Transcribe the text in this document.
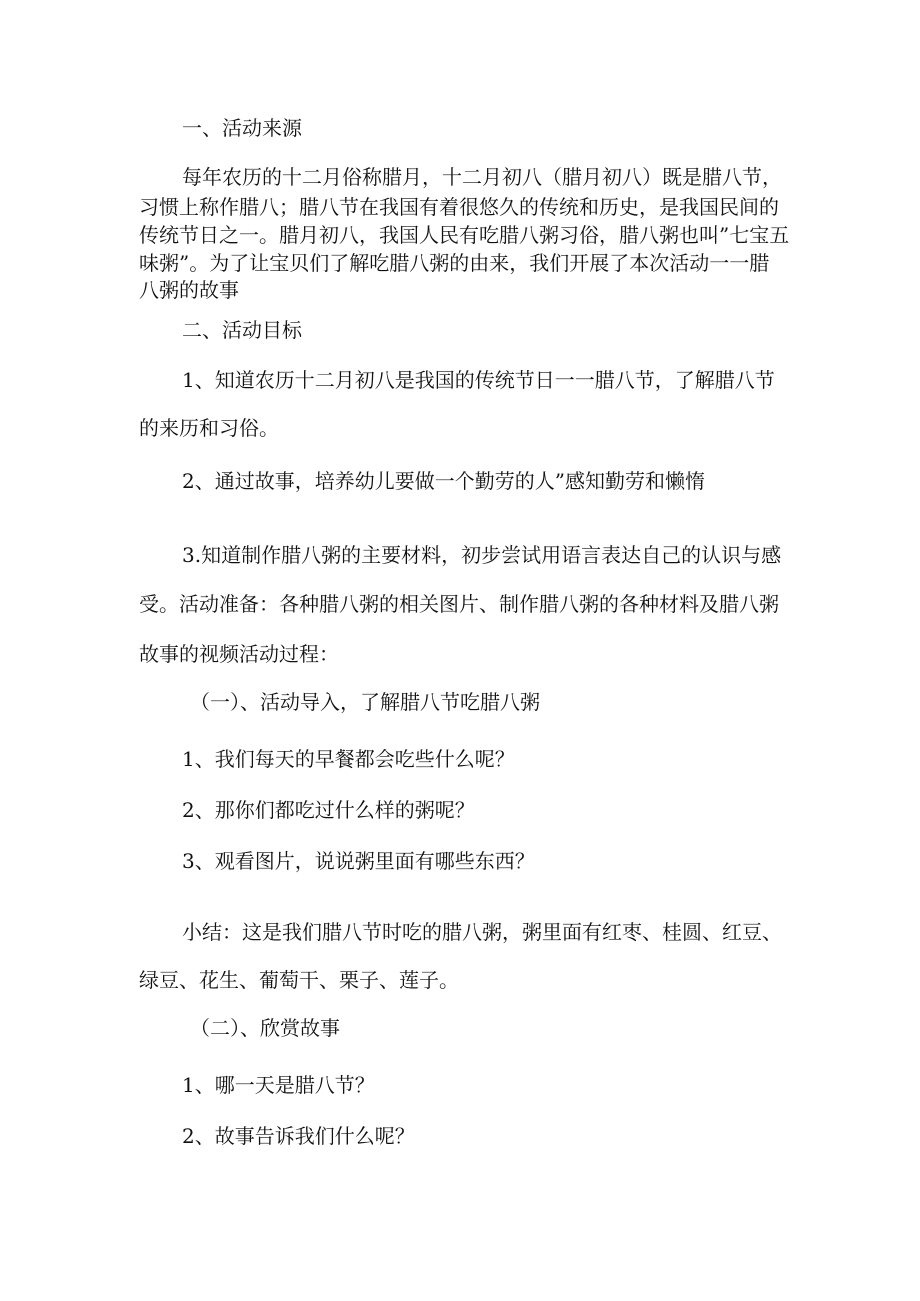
一、活动来源

每年农历的十二月俗称腊月，十二月初八（腊月初八）既是腊八节，

习惯上称作腊八；腊八节在我国有着很悠久的传统和历史，是我国民间的

传统节日之一。腊月初八，我国人民有吃腊八粥习俗，腊八粥也叫”七宝五

味粥”。为了让宝贝们了解吃腊八粥的由来，我们开展了本次活动一一腊

八粥的故事

二、活动目标

1、知道农历十二月初八是我国的传统节日一一腊八节，了解腊八节

的来历和习俗。

2、通过故事，培养幼儿要做一个勤劳的人”感知勤劳和懒惰

3.知道制作腊八粥的主要材料，初步尝试用语言表达自己的认识与感

受。活动准备：各种腊八粥的相关图片、制作腊八粥的各种材料及腊八粥

故事的视频活动过程：

（一）、活动导入，了解腊八节吃腊八粥

1、我们每天的早餐都会吃些什么呢？

2、那你们都吃过什么样的粥呢？

3、观看图片，说说粥里面有哪些东西？

小结：这是我们腊八节时吃的腊八粥，粥里面有红枣、桂圆、红豆、

绿豆、花生、葡萄干、栗子、莲子。

（二）、欣赏故事

1、哪一天是腊八节？

2、故事告诉我们什么呢？
